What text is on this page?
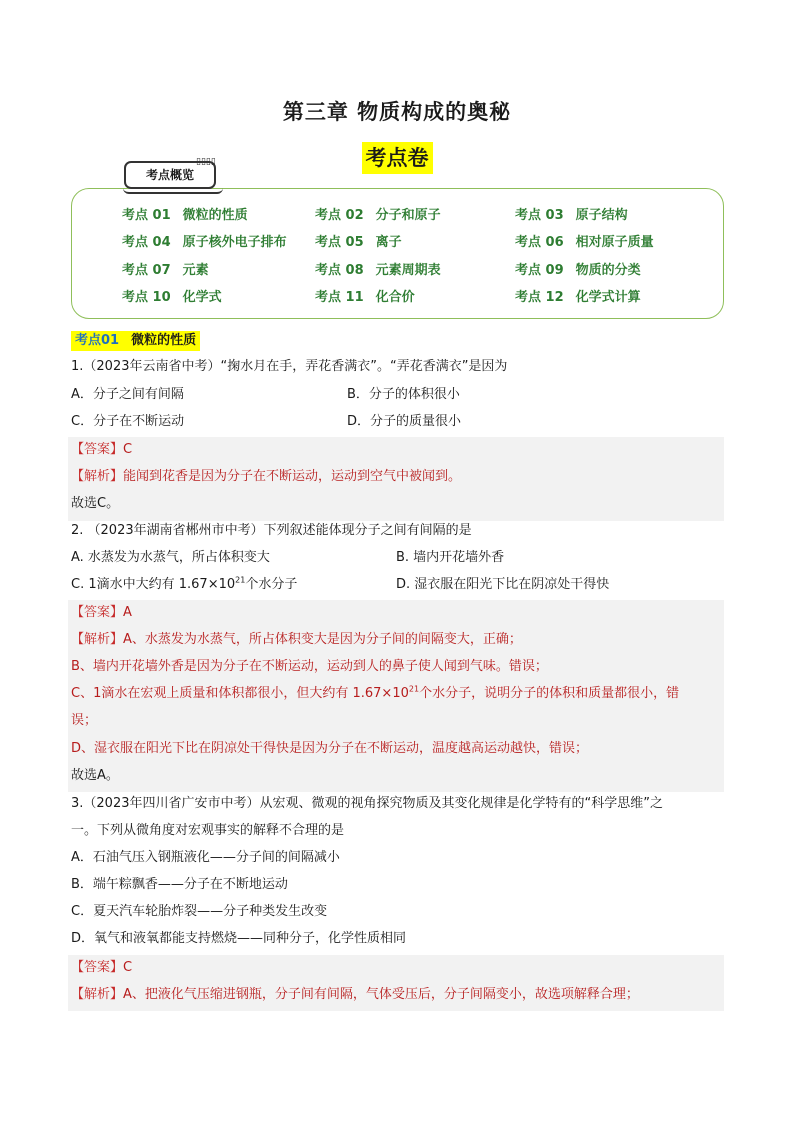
第三章 物质构成的奥秘
考点卷
考点概览
▯▯▯▯
考点 01 微粒的性质	考点 02 分子和原子	考点 03 原子结构
考点 04 原子核外电子排布 考点 05 离子	考点 06 相对原子质量
考点 07 元素	考点 08 元素周期表	考点 09 物质的分类
考点 10 化学式	考点 11 化合价	考点 12 化学式计算
考点01 微粒的性质
1.（2023年云南省中考）“掬水月在手，弄花香满衣”。“弄花香满衣”是因为
A．分子之间有间隔	B．分子的体积很小
C．分子在不断运动	D．分子的质量很小
【答案】C
【解析】能闻到花香是因为分子在不断运动，运动到空气中被闻到。
故选C。
2. （2023年湖南省郴州市中考）下列叙述能体现分子之间有间隔的是
A. 水蒸发为水蒸气，所占体积变大	B. 墙内开花墙外香
C. 1滴水中大约有 $1.67\times 10^{21}$个水分子	D. 湿衣服在阳光下比在阴凉处干得快
【答案】A
【解析】A、水蒸发为水蒸气，所占体积变大是因为分子间的间隔变大，正确；
B、墙内开花墙外香是因为分子在不断运动，运动到人的鼻子使人闻到气味。错误；
C、1滴水在宏观上质量和体积都很小，但大约有 $1.67\times 10^{21}$个水分子，说明分子的体积和质量都很小，错
误；
D、湿衣服在阳光下比在阴凉处干得快是因为分子在不断运动，温度越高运动越快，错误；
故选A。
3.（2023年四川省广安市中考）从宏观、微观的视角探究物质及其变化规律是化学特有的“科学思维”之
一。下列从微角度对宏观事实的解释不合理的是
A．石油气压入钢瓶液化——分子间的间隔减小
B．端午粽飘香——分子在不断地运动
C．夏天汽车轮胎炸裂——分子种类发生改变
D．氧气和液氧都能支持燃烧——同种分子，化学性质相同
【答案】C
【解析】A、把液化气压缩进钢瓶，分子间有间隔，气体受压后，分子间隔变小，故选项解释合理；
